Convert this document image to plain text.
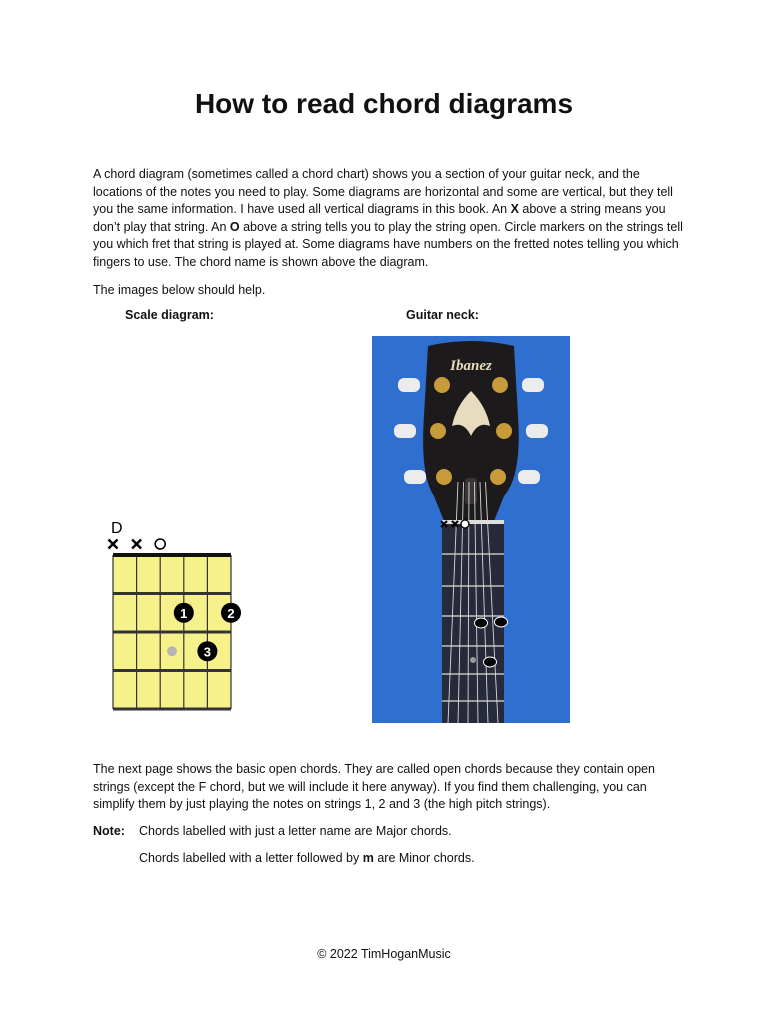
How to read chord diagrams

A chord diagram (sometimes called a chord chart) shows you a section of your guitar neck, and the locations of the notes you need to play. Some diagrams are horizontal and some are vertical, but they tell you the same information. I have used all vertical diagrams in this book. An X above a string means you don’t play that string. An O above a string tells you to play the string open. Circle markers on the strings tell you which fret that string is played at. Some diagrams have numbers on the fretted notes telling you which fingers to use. The chord name is shown above the diagram.

The images below should help.

Scale diagram:	Guitar neck:
D
1	2
3
Ibanez

The next page shows the basic open chords. They are called open chords because they contain open strings (except the F chord, but we will include it here anyway). If you find them challenging, you can simplify them by just playing the notes on strings 1, 2 and 3 (the high pitch strings).

Note: Chords labelled with just a letter name are Major chords.
Chords labelled with a letter followed by m are Minor chords.
© 2022 TimHoganMusic
